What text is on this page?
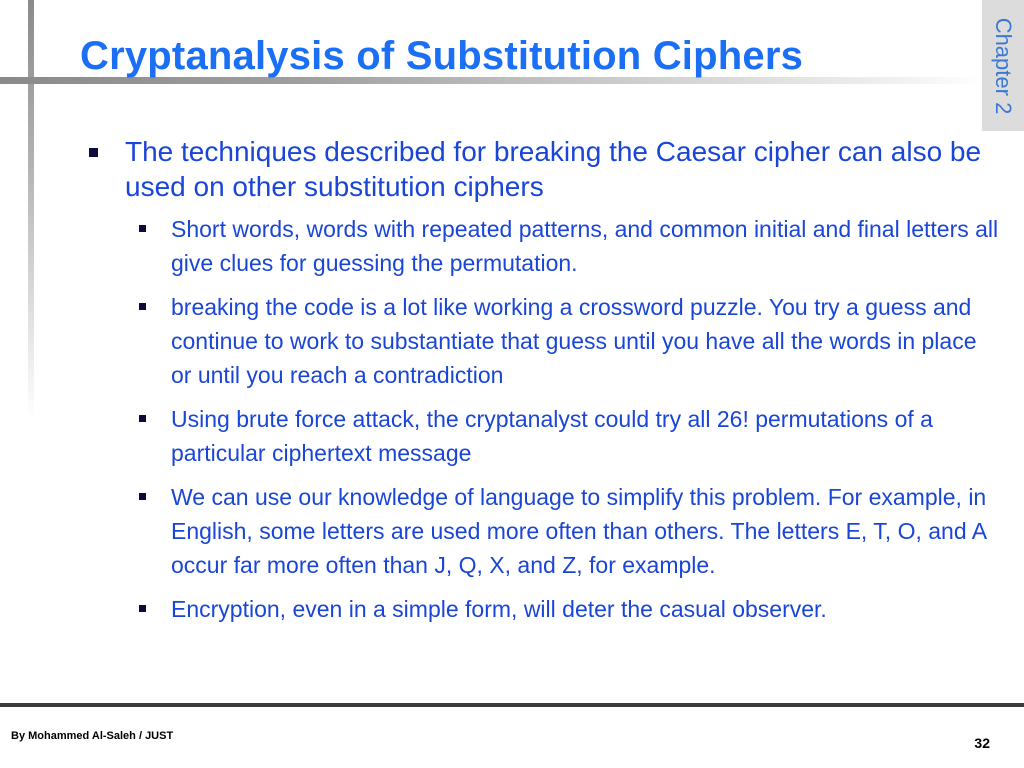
Cryptanalysis of Substitution Ciphers	Chapter 2
The techniques described for breaking the Caesar cipher can also be used on other substitution ciphers
Short words, words with repeated patterns, and common initial and final letters all give clues for guessing the permutation.
breaking the code is a lot like working a crossword puzzle. You try a guess and continue to work to substantiate that guess until you have all the words in place or until you reach a contradiction
Using brute force attack, the cryptanalyst could try all 26! permutations of a particular ciphertext message
We can use our knowledge of language to simplify this problem. For example, in English, some letters are used more often than others. The letters E, T, O, and A occur far more often than J, Q, X, and Z, for example.
Encryption, even in a simple form, will deter the casual observer.
By Mohammed Al-Saleh / JUST	32
